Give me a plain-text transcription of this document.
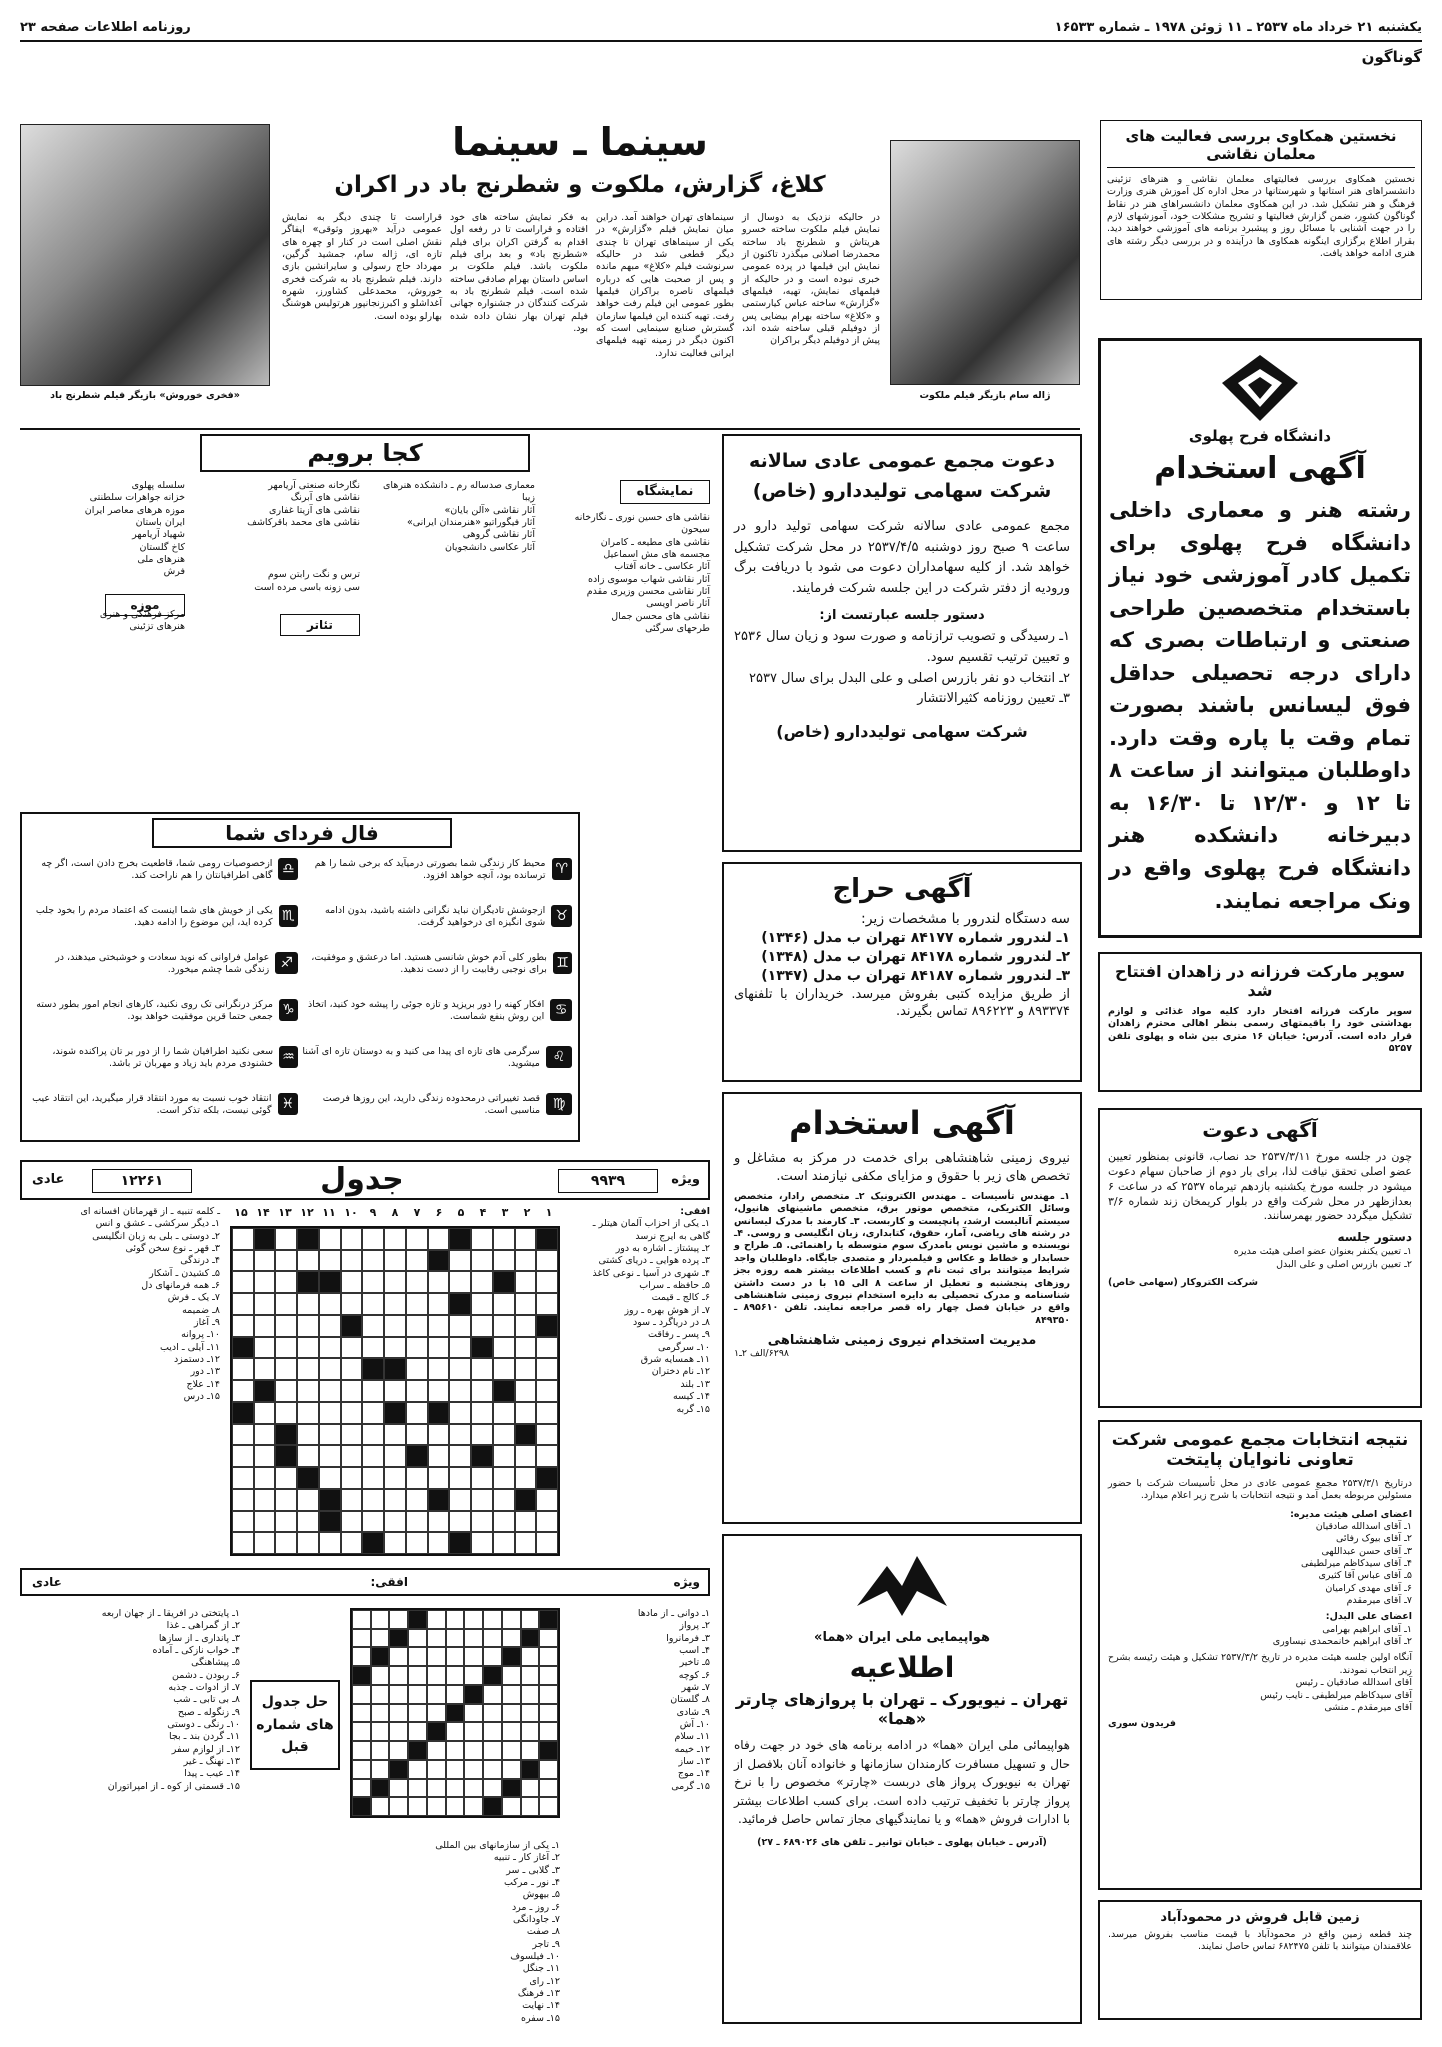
یکشنبه ۲۱ خرداد ماه ۲۵۳۷ ـ ۱۱ ژوئن ۱۹۷۸ ـ شماره ۱۶۵۳۳
روزنامه اطلاعات صفحه ۲۳
گوناگون
نخستین همکاوی بررسی فعالیت های معلمان نقاشی
نخستین همکاوی بررسی فعالیتهای معلمان نقاشی و هنرهای تزئینی دانشسراهای هنر استانها و شهرستانها در محل اداره کل آموزش هنری وزارت فرهنگ و هنر تشکیل شد. در این همکاوی معلمان دانشسراهای هنر در نقاط گوناگون کشور، ضمن گزارش فعالیتها و تشریح مشکلات خود، آموزشهای لازم را در جهت آشنایی با مسائل روز و پیشبرد برنامه های آموزشی خواهند دید. بقرار اطلاع برگزاری اینگونه همکاوی ها درآینده و در بررسی دیگر رشته های هنری ادامه خواهد یافت.
دانشگاه فرح پهلوی
آگهی استخدام
رشته هنر و معماری داخلی دانشگاه فرح پهلوی برای تکمیل کادر آموزشی خود نیاز باستخدام متخصصین طراحی صنعتی و ارتباطات بصری که دارای درجه تحصیلی حداقل فوق لیسانس باشند بصورت تمام وقت یا پاره وقت دارد. داوطلبان میتوانند از ساعت ۸ تا ۱۲ و ۱۲/۳۰ تا ۱۶/۳۰ به دبیرخانه دانشکده هنر دانشگاه فرح پهلوی واقع در ونک مراجعه نمایند.
سوپر مارکت فرزانه در زاهدان افتتاح شد
سوپر مارکت فرزانه افتخار دارد کلیه مواد غذائی و لوازم بهداشتی خود را باقیمتهای رسمی بنظر اهالی محترم زاهدان قرار داده است. آدرس: خیابان ۱۶ متری بین شاه و پهلوی تلفن ۵۲۵۷
آگهی دعوت
چون در جلسه مورخ ۲۵۳۷/۳/۱۱ حد نصاب، قانونی بمنظور تعیین عضو اصلی تحقق نیافت لذا، برای بار دوم از صاحبان سهام دعوت میشود در جلسه مورخ یکشنبه بازدهم تیرماه ۲۵۳۷ که در ساعت ۶ بعدازظهر در محل شرکت واقع در بلوار کریمخان زند شماره ۳/۶ تشکیل میگردد حضور بهمرسانند.
دستور جلسه
۱ـ تعیین یکنفر بعنوان عضو اصلی هیئت مدیره
۲ـ تعیین بازرس اصلی و علی البدل
شرکت الکتروکار (سهامی خاص)
نتیجه انتخابات مجمع عمومی شرکت تعاونی نانوایان پایتخت
درتاریخ ۲۵۳۷/۳/۱ مجمع عمومی عادی در محل تأسیسات شرکت با حضور مسئولین مربوطه بعمل آمد و نتیجه انتخابات با شرح زیر اعلام میدارد.
اعضای اصلی هیئت مدیره:
۱ـ آقای اسدالله صادقیان
۲ـ آقای بیوک رفائی
۳ـ آقای حسن عبداللهی
۴ـ آقای سیدکاظم میرلطیفی
۵ـ آقای عباس آقا کثیری
۶ـ آقای مهدی کرامیان
۷ـ آقای میرمقدم
اعضای علی البدل:
۱ـ آقای ابراهیم بهرامی
۲ـ آقای ابراهیم خانمحمدی نیساوری
آنگاه اولین جلسه هیئت مدیره در تاریخ ۲۵۳۷/۳/۲ تشکیل و هیئت رئیسه بشرح زیر انتخاب نمودند.
آقای اسدالله صادقیان ـ رئیس
آقای سیدکاظم میرلطیفی ـ نایب رئیس
آقای میرمقدم ـ منشی
فریدون سوری
زمین قابل فروش در محمودآباد
چند قطعه زمین واقع در محمودآباد با قیمت مناسب بفروش میرسد. علاقمندان میتوانند با تلفن ۶۸۲۴۷۵ تماس حاصل نمایند.
ژاله سام بازیگر فیلم ملکوت
«فخری خوروش» بازیگر فیلم شطرنج باد
سینما ـ سینما
کلاغ، گزارش، ملکوت و شطرنج باد در اکران
در حالیکه نزدیک به دوسال از نمایش فیلم ملکوت ساخته خسرو هریتاش و شطرنج باد ساخته محمدرضا اصلانی میگذرد تاکنون از نمایش این فیلمها در پرده عمومی خبری نبوده است و در حالیکه از فیلمهای نمایش، تهیه، فیلمهای «گزارش» ساخته عباس کیارستمی و «کلاغ» ساخته بهرام بیضایی پس از دوفیلم قبلی ساخته شده اند، پیش از دوفیلم دیگر براکران
سینماهای تهران خواهند آمد. دراین میان نمایش فیلم «گزارش» در یکی از سینماهای تهران تا چندی دیگر قطعی شد در حالیکه سرنوشت فیلم «کلاغ» مبهم مانده و پس از صحبت هایی که درباره فیلمهای ناصره براکران فیلمها بطور عمومی این فیلم رفت خواهد رفت. تهیه کننده این فیلمها سازمان گسترش صنایع سینمایی است که اکنون دیگر در زمینه تهیه فیلمهای ایرانی فعالیت ندارد.
به فکر نمایش ساخته های خود افتاده و قراراست تا در رفعه اول اقدام به گرفتن اکران برای فیلم «شطرنج باد» و بعد برای فیلم ملکوت باشد. فیلم ملکوت بر اساس داستان بهرام صادقی ساخته شده است. فیلم شطرنج باد به شرکت کنندگان در جشنواره جهانی فیلم تهران بهار نشان داده شده بود.
قراراست تا چندی دیگر به نمایش عمومی درآید «بهروز وثوقی» ایفاگر نقش اصلی است در کنار او چهره های تازه ای، ژاله سام، جمشید گرگین، مهرداد حاج رسولی و سایرانشین بازی دارند. فیلم شطرنج باد به شرکت فخری خوروش، محمدعلی کشاورز، شهره آغداشلو و اکبرزنجانپور هرتولیس هوشنگ بهارلو بوده است.
دعوت مجمع عمومی عادی سالانه شرکت سهامی تولیددارو (خاص)
مجمع عمومی عادی سالانه شرکت سهامی تولید دارو در ساعت ۹ صبح روز دوشنبه ۲۵۳۷/۴/۵ در محل شرکت تشکیل خواهد شد. از کلیه سهامداران دعوت می شود با دریافت برگ ورودیه از دفتر شرکت در این جلسه شرکت فرمایند.
دستور جلسه عبارتست از:
۱ـ رسیدگی و تصویب ترازنامه و صورت سود و زیان سال ۲۵۳۶ و تعیین ترتیب تقسیم سود.
۲ـ انتخاب دو نفر بازرس اصلی و علی البدل برای سال ۲۵۳۷
۳ـ تعیین روزنامه کثیرالانتشار
شرکت سهامی تولیددارو (خاص)
آگهی حراج
سه دستگاه لندرور با مشخصات زیر:
۱ـ لندرور شماره ۸۴۱۷۷ تهران ب مدل (۱۳۴۶)
۲ـ لندرور شماره ۸۴۱۷۸ تهران ب مدل (۱۳۴۸)
۳ـ لندرور شماره ۸۴۱۸۷ تهران ب مدل (۱۳۴۷)
از طریق مزایده کتبی بفروش میرسد. خریداران با تلفنهای ۸۹۳۳۷۴ و ۸۹۶۲۲۳ تماس بگیرند.
آگهی استخدام
نیروی زمینی شاهنشاهی برای خدمت در مرکز به مشاغل و تخصص های زیر با حقوق و مزایای مکفی نیازمند است.
۱ـ مهندس تأسیسات ـ مهندس الکترونیک ۲ـ متخصص رادار، متخصص وسائل الکتریکی، متخصص موتور برق، متخصص ماشینهای هانیول، سیستم آنالیست ارشد، پانچیست و کاربست. ۳ـ کارمند با مدرک لیسانس در رشته های ریاضی، آمار، حقوق، کتابداری، زبان انگلیسی و روسی. ۴ـ نویسنده و ماشین نویس بامدرک سوم متوسطه یا راهنمائی. ۵ـ طراح و حسابدار و خطاط و عکاس و فیلمبردار و متصدی جایگاه. داوطلبان واجد شرایط میتوانند برای ثبت نام و کسب اطلاعات بیشتر همه روزه بجز روزهای پنجشنبه و تعطیل از ساعت ۸ الی ۱۵ با در دست داشتن شناسنامه و مدرک تحصیلی به دایره استخدام نیروی زمینی شاهنشاهی واقع در خیابان فصل چهار راه قصر مراجعه نمایند. تلفن ۸۹۵۶۱۰ ـ ۸۴۹۳۵۰
مدیریت استخدام نیروی زمینی شاهنشاهی
۶۲۹۸/الف ۲ـ۱
هواپیمایی ملی ایران «هما»
اطلاعیه
تهران ـ نیویورک ـ تهران با پروازهای چارتر «هما»
هواپیمائی ملی ایران «هما» در ادامه برنامه های خود در جهت رفاه حال و تسهیل مسافرت کارمندان سازمانها و خانواده آنان بلافصل از تهران به نیویورک پرواز های دربست «چارتر» مخصوص را با نرخ پرواز چارتر با تخفیف ترتیب داده است. برای کسب اطلاعات بیشتر با ادارات فروش «هما» و یا نمایندگیهای مجاز تماس حاصل فرمائید.
(آدرس ـ خیابان پهلوی ـ خیابان توانیر ـ تلفن های ۶۸۹۰۲۶ ـ ۲۷)
کجا برویم
نمایشگاه
نقاشی های حسین نوری ـ نگارخانه سیحون
نقاشی های مطیعه ـ کامران
مجسمه های مش اسماعیل
آثار عکاسی ـ خانه آفتاب
آثار نقاشی شهاب موسوی زاده
آثار نقاشی محسن وزیری مقدم
آثار ناصر اویسی
نقاشی های محسن جمال
طرحهای سرگئی
معماری صدساله رم ـ دانشکده هنرهای زیبا
آثار نقاشی «آلن بایان»
آثار فیگوراتیو «هنرمندان ایرانی»
آثار نقاشی گروهی
آثار عکاسی دانشجویان
تئاتر
نگارخانه صنعتی آریامهر
نقاشی های آبرنگ
نقاشی های آزیتا غفاری
نقاشی های محمد باقرکاشف
ترس و نگت رابتن سوم
سی زونه باسی مرده است
موزه
سلسله پهلوی
خزانه جواهرات سلطنتی
موزه هرهای معاصر ایران
ایران باستان
شهیاد آریامهر
کاخ گلستان
هنرهای ملی
فرش
مرکز فرهنگی و هنری
هنرهای تزئینی
فال فردای شما
♈
محیط کار زندگی شما بصورتی درمیآید که برخی شما را هم ترسانده بود، آنچه خواهد افزود.
♉
ازجوشش تادیگران نباید نگرانی داشته باشید، بدون ادامه شوی انگیزه ای درخواهید گرفت.
♊
بطور کلی آدم خوش شانسی هستید. اما درعشق و موفقیت، برای نوجبی رفابیت را از دست ندهید.
♋
افکار کهنه را دور بریزید و تازه جوئی را پیشه خود کنید، اتخاذ این روش بنفع شماست.
♌
سرگرمی های تازه ای پیدا می کنید و به دوستان تازه ای آشنا میشوید.
♍
قصد تغییراتی درمحدوده زندگی دارید، این روزها فرصت مناسبی است.
♎
ازخصوصیات رومی شما، قاطعیت بخرج دادن است، اگر چه گاهی اطرافیانتان را هم ناراحت کند.
♏
یکی از خویش های شما اینست که اعتماد مردم را بخود جلب کرده اید، این موضوع را ادامه دهید.
♐
عوامل فراوانی که نوید سعادت و خوشبختی میدهند، در زندگی شما چشم میخورد.
♑
مرکز درنگرانی تک روی نکنید، کارهای انجام امور بطور دسته جمعی حتما قرین موفقیت خواهد بود.
♒
سعی نکنید اطرافیان شما را از دور بر تان پراکنده شوند، خشنودی مردم باید زیاد و مهربان تر باشد.
♓
انتقاد خوب نسبت به مورد انتقاد قرار میگیرید، این انتقاد عیب گوئی نیست، بلکه تذکر است.
ویژه
۹۹۳۹
جدول
۱۲۲۶۱
عادی
۱
۲
۳
۴
۵
۶
۷
۸
۹
۱۰
۱۱
۱۲
۱۳
۱۴
۱۵	افقی:
۱ـ یکی از احزاب آلمان هیتلر ـ گاهی به ایرج نرسد
۲ـ پیشتاز ـ اشاره به دور
۳ـ پرده هوایی ـ دریای کشتی
۴ـ شهری در آسیا ـ نوعی کاغذ
۵ـ حافظه ـ سراب
۶ـ کالج ـ قیمت
۷ـ از هوش بهره ـ روز
۸ـ در دریاگرد ـ سود
۹ـ پسر ـ رفاقت
۱۰ـ سرگرمی
۱۱ـ همسایه شرق
۱۲ـ نام دختران
۱۳ـ بلند
۱۴ـ کیسه
۱۵ـ گربه
ـ کلمه تنبیه ـ از قهرمانان افسانه ای
۱ـ دیگر سرکشی ـ عشق و انس
۲ـ دوستی ـ بلی به زبان انگلیسی
۳ـ قهر ـ نوع سخن گوئی
۴ـ درندگی
۵ـ کشیدن ـ آشکار
۶ـ همه فرمانهای دل
۷ـ یک ـ فرش
۸ـ ضمیمه
۹ـ آغاز
۱۰ـ پروانه
۱۱ـ آیلی ـ ادیب
۱۲ـ دستمزد
۱۳ـ دور
۱۴ـ علاج
۱۵ـ درس
ویژه
افقی:
عادی
حل جدول های شماره قبل
۱ـ دوانی ـ از مادها
۲ـ پرواز
۳ـ فرمانروا
۴ـ اسب
۵ـ تاخیر
۶ـ کوچه
۷ـ شهر
۸ـ گلستان
۹ـ شادی
۱۰ـ آش
۱۱ـ سلام
۱۲ـ خیمه
۱۳ـ ساز
۱۴ـ موج
۱۵ـ گرمی
۱ـ پایتختی در افریقا ـ از جهان اربعه
۲ـ از گمراهی ـ غذا
۳ـ پانداری ـ از سازها
۴ـ خواب نازکی ـ آماده
۵ـ پیشاهنگی
۶ـ ربودن ـ دشمن
۷ـ از ادوات ـ جذبه
۸ـ بی تابی ـ شب
۹ـ زنگوله ـ صبح
۱۰ـ رنگی ـ دوستی
۱۱ـ گردن بند ـ بجا
۱۲ـ از لوازم سفر
۱۳ـ نهنگ ـ غیر
۱۴ـ عیب ـ پیدا
۱۵ـ قسمتی از کوه ـ از امپراتوران
۱ـ یکی از سازمانهای بین المللی
۲ـ آغاز کار ـ تنبیه
۳ـ گلابی ـ سر
۴ـ نور ـ مرکب
۵ـ بیهوش
۶ـ روز ـ مرد
۷ـ جاودانگی
۸ـ صفت
۹ـ تاجر
۱۰ـ فیلسوف
۱۱ـ جنگل
۱۲ـ رای
۱۳ـ فرهنگ
۱۴ـ نهایت
۱۵ـ سفره
